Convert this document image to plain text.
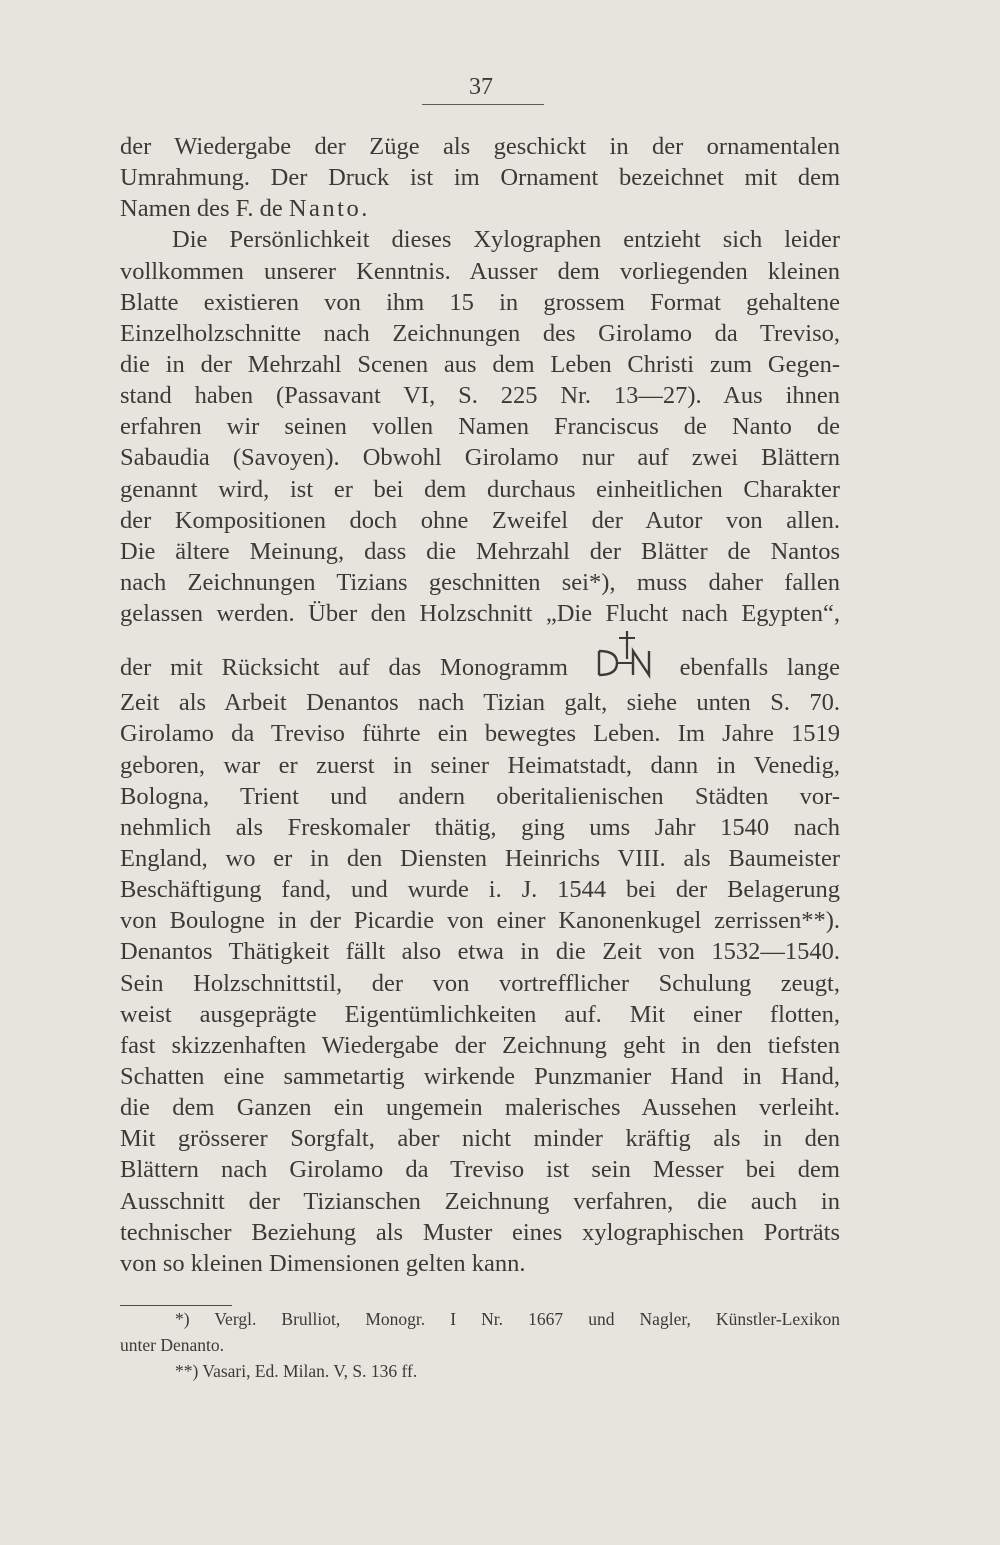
37
der Wiedergabe der Züge als geschickt in der ornamentalen
Umrahmung. Der Druck ist im Ornament bezeichnet mit dem
Namen des F. de Nanto.
Die Persönlichkeit dieses Xylographen entzieht sich leider
vollkommen unserer Kenntnis. Ausser dem vorliegenden kleinen
Blatte existieren von ihm 15 in grossem Format gehaltene
Einzelholzschnitte nach Zeichnungen des Girolamo da Treviso,
die in der Mehrzahl Scenen aus dem Leben Christi zum Gegen-
stand haben (Passavant VI, S. 225 Nr. 13—27). Aus ihnen
erfahren wir seinen vollen Namen Franciscus de Nanto de
Sabaudia (Savoyen). Obwohl Girolamo nur auf zwei Blättern
genannt wird, ist er bei dem durchaus einheitlichen Charakter
der Kompositionen doch ohne Zweifel der Autor von allen.
Die ältere Meinung, dass die Mehrzahl der Blätter de Nantos
nach Zeichnungen Tizians geschnitten sei*), muss daher fallen
gelassen werden. Über den Holzschnitt „Die Flucht nach Egypten“,
der mit Rücksicht auf das Monogramm	ebenfalls lange
Zeit als Arbeit Denantos nach Tizian galt, siehe unten S. 70.
Girolamo da Treviso führte ein bewegtes Leben. Im Jahre 1519
geboren, war er zuerst in seiner Heimatstadt, dann in Venedig,
Bologna, Trient und andern oberitalienischen Städten vor-
nehmlich als Freskomaler thätig, ging ums Jahr 1540 nach
England, wo er in den Diensten Heinrichs VIII. als Baumeister
Beschäftigung fand, und wurde i. J. 1544 bei der Belagerung
von Boulogne in der Picardie von einer Kanonenkugel zerrissen**).
Denantos Thätigkeit fällt also etwa in die Zeit von 1532—1540.
Sein Holzschnittstil, der von vortrefflicher Schulung zeugt,
weist ausgeprägte Eigentümlichkeiten auf. Mit einer flotten,
fast skizzenhaften Wiedergabe der Zeichnung geht in den tiefsten
Schatten eine sammetartig wirkende Punzmanier Hand in Hand,
die dem Ganzen ein ungemein malerisches Aussehen verleiht.
Mit grösserer Sorgfalt, aber nicht minder kräftig als in den
Blättern nach Girolamo da Treviso ist sein Messer bei dem
Ausschnitt der Tizianschen Zeichnung verfahren, die auch in
technischer Beziehung als Muster eines xylographischen Porträts
von so kleinen Dimensionen gelten kann.
*) Vergl. Brulliot, Monogr. I Nr. 1667 und Nagler, Künstler-Lexikon
unter Denanto.
**) Vasari, Ed. Milan. V, S. 136 ff.
